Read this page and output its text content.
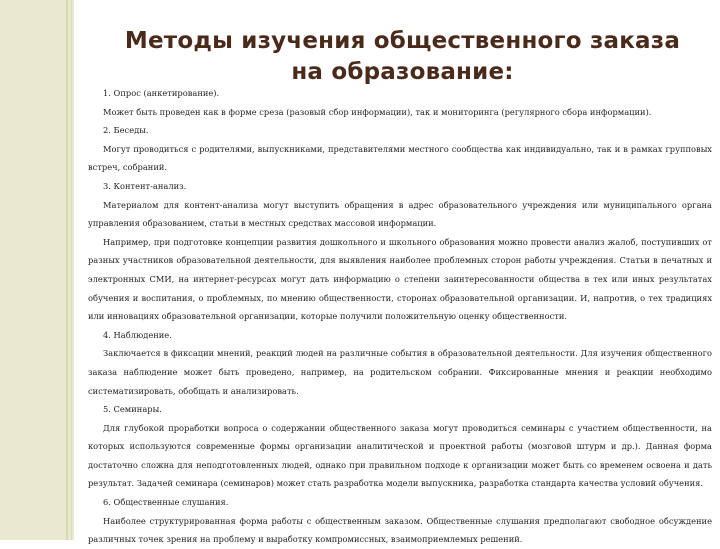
Методы изучения общественного заказа
на образование:

1. Опрос (анкетирование).

Может быть проведен как в форме среза (разовый сбор информации), так и мониторинга (регулярного сбора информации).

2. Беседы.

Могут проводиться с родителями, выпускниками, представителями местного сообщества как индивидуально, так и в рамках групповых встреч, собраний.

3. Контент-анализ.

Материалом для контент-анализа могут выступить обращения в адрес образовательного учреждения или муниципального органа управления образованием, статьи в местных средствах массовой информации.

Например, при подготовке концепции развития дошкольного и школьного образования можно провести анализ жалоб, поступивших от разных участников образовательной деятельности, для выявления наиболее проблемных сторон работы учреждения. Статьи в печатных и электронных СМИ, на интернет-ресурсах могут дать информацию о степени заинтересованности общества в тех или иных результатах обучения и воспитания, о проблемных, по мнению общественности, сторонах образовательной организации. И, напротив, о тех традициях или инновациях образовательной организации, которые получили положительную оценку общественности.

4. Наблюдение.

Заключается в фиксации мнений, реакций людей на различные события в образовательной деятельности. Для изучения общественного заказа наблюдение может быть проведено, например, на родительском собрании. Фиксированные мнения и реакции необходимо систематизировать, обобщать и анализировать.

5. Семинары.

Для глубокой проработки вопроса о содержании общественного заказа могут проводиться семинары с участием общественности, на которых используются современные формы организации аналитической и проектной работы (мозговой штурм и др.). Данная форма достаточно сложна для неподготовленных людей, однако при правильном подходе к организации может быть со временем освоена и дать результат. Задачей семинара (семинаров) может стать разработка модели выпускника, разработка стандарта качества условий обучения.

6. Общественные слушания.

Наиболее структурированная форма работы с общественным заказом. Общественные слушания предполагают свободное обсуждение различных точек зрения на проблему и выработку компромиссных, взаимоприемлемых решений.
